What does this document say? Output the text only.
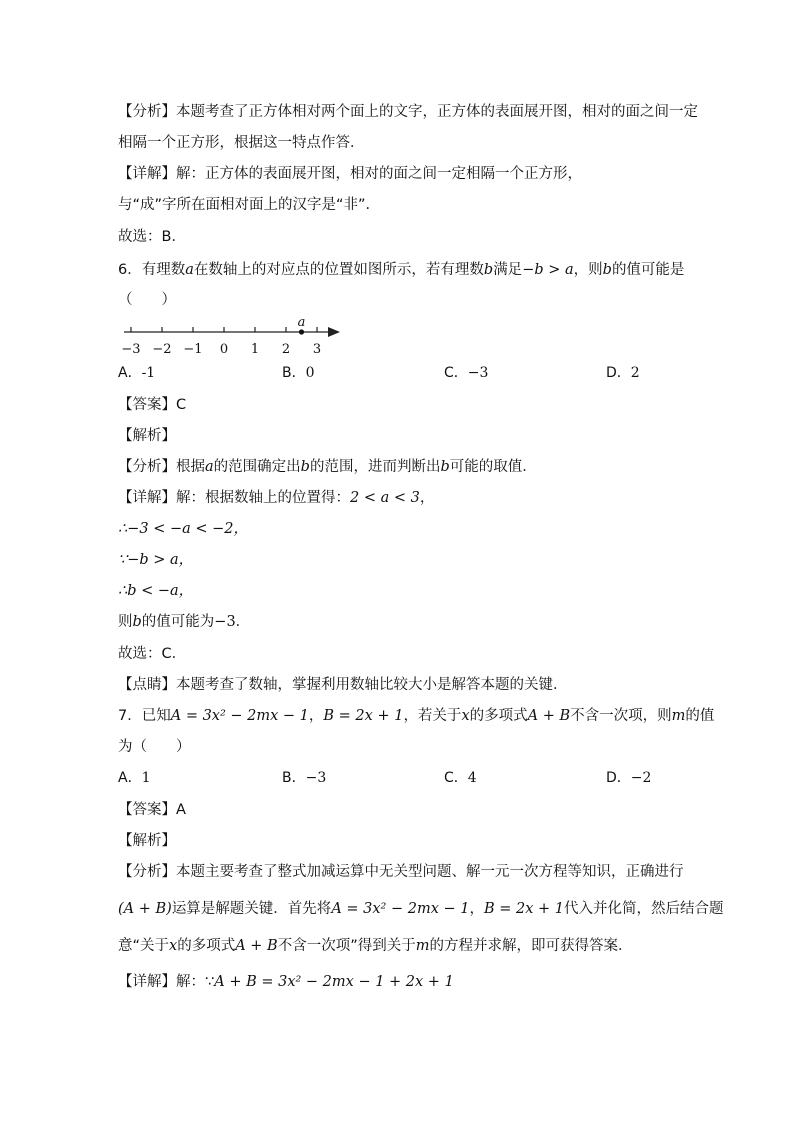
【分析】本题考查了正方体相对两个面上的文字，正方体的表面展开图，相对的面之间一定
相隔一个正方形，根据这一特点作答．
【详解】解：正方体的表面展开图，相对的面之间一定相隔一个正方形，
与“成”字所在面相对面上的汉字是“非”．
故选：B．
6．有理数a在数轴上的对应点的位置如图所示，若有理数b满足−b > a，则b的值可能是
（　　）
−3 −2 −1 0 1 2 3
a
A．-1	B．0	C．−3	D．2
【答案】C
【解析】
【分析】根据a的范围确定出b的范围，进而判断出b可能的取值．
【详解】解：根据数轴上的位置得：2 < a < 3，
∴−3 < −a < −2，
∵−b > a，
∴b < −a，
则b的值可能为−3．
故选：C．
【点睛】本题考查了数轴，掌握利用数轴比较大小是解答本题的关键．
7．已知A = 3x² − 2mx − 1，B = 2x + 1，若关于x的多项式A + B不含一次项，则m的值
为（　　）
A．1	B．−3	C．4	D．−2
【答案】A
【解析】
【分析】本题主要考查了整式加减运算中无关型问题、解一元一次方程等知识，正确进行
(A + B)运算是解题关键．首先将A = 3x² − 2mx − 1，B = 2x + 1代入并化简，然后结合题
意“关于x的多项式A + B不含一次项”得到关于m的方程并求解，即可获得答案．
【详解】解：∵A + B = 3x² − 2mx − 1 + 2x + 1
